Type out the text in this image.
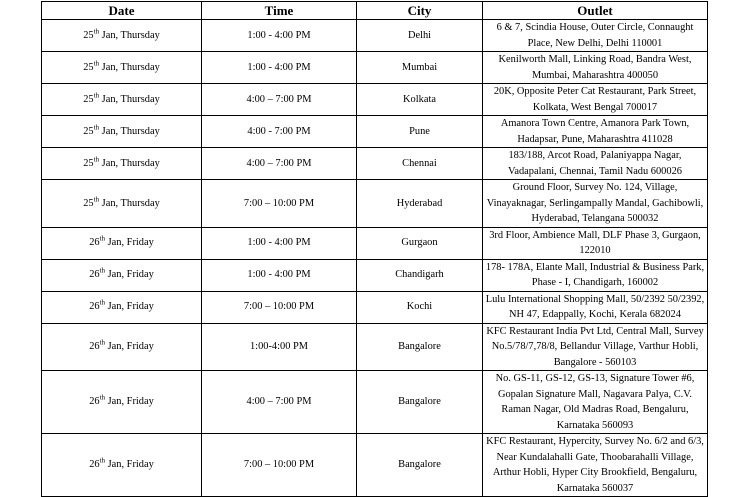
Date	Time	City	Outlet
25th Jan, Thursday	1:00 - 4:00 PM	Delhi	6 & 7, Scindia House, Outer Circle, Connaught Place, New Delhi, Delhi 110001
25th Jan, Thursday	1:00 - 4:00 PM	Mumbai	Kenilworth Mall, Linking Road, Bandra West, Mumbai, Maharashtra 400050
25th Jan, Thursday	4:00 – 7:00 PM	Kolkata	20K, Opposite Peter Cat Restaurant, Park Street, Kolkata, West Bengal 700017
25th Jan, Thursday	4:00 - 7:00 PM	Pune	Amanora Town Centre, Amanora Park Town, Hadapsar, Pune, Maharashtra 411028
25th Jan, Thursday	4:00 – 7:00 PM	Chennai	183/188, Arcot Road, Palaniyappa Nagar, Vadapalani, Chennai, Tamil Nadu 600026
25th Jan, Thursday	7:00 – 10:00 PM	Hyderabad	Ground Floor, Survey No. 124, Village, Vinayaknagar, Serlingampally Mandal, Gachibowli, Hyderabad, Telangana 500032
26th Jan, Friday	1:00 - 4:00 PM	Gurgaon	3rd Floor, Ambience Mall, DLF Phase 3, Gurgaon, 122010
26th Jan, Friday	1:00 - 4:00 PM	Chandigarh	178- 178A, Elante Mall, Industrial & Business Park, Phase - I, Chandigarh, 160002
26th Jan, Friday	7:00 – 10:00 PM	Kochi	Lulu International Shopping Mall, 50/2392 50/2392, NH 47, Edappally, Kochi, Kerala 682024
26th Jan, Friday	1:00-4:00 PM	Bangalore	KFC Restaurant India Pvt Ltd, Central Mall, Survey No.5/78/7,78/8, Bellandur Village, Varthur Hobli, Bangalore - 560103
26th Jan, Friday	4:00 – 7:00 PM	Bangalore	No. GS-11, GS-12, GS-13, Signature Tower #6, Gopalan Signature Mall, Nagavara Palya, C.V. Raman Nagar, Old Madras Road, Bengaluru, Karnataka 560093
26th Jan, Friday	7:00 – 10:00 PM	Bangalore	KFC Restaurant, Hypercity, Survey No. 6/2 and 6/3, Near Kundalahalli Gate, Thoobarahalli Village, Arthur Hobli, Hyper City Brookfield, Bengaluru, Karnataka 560037
